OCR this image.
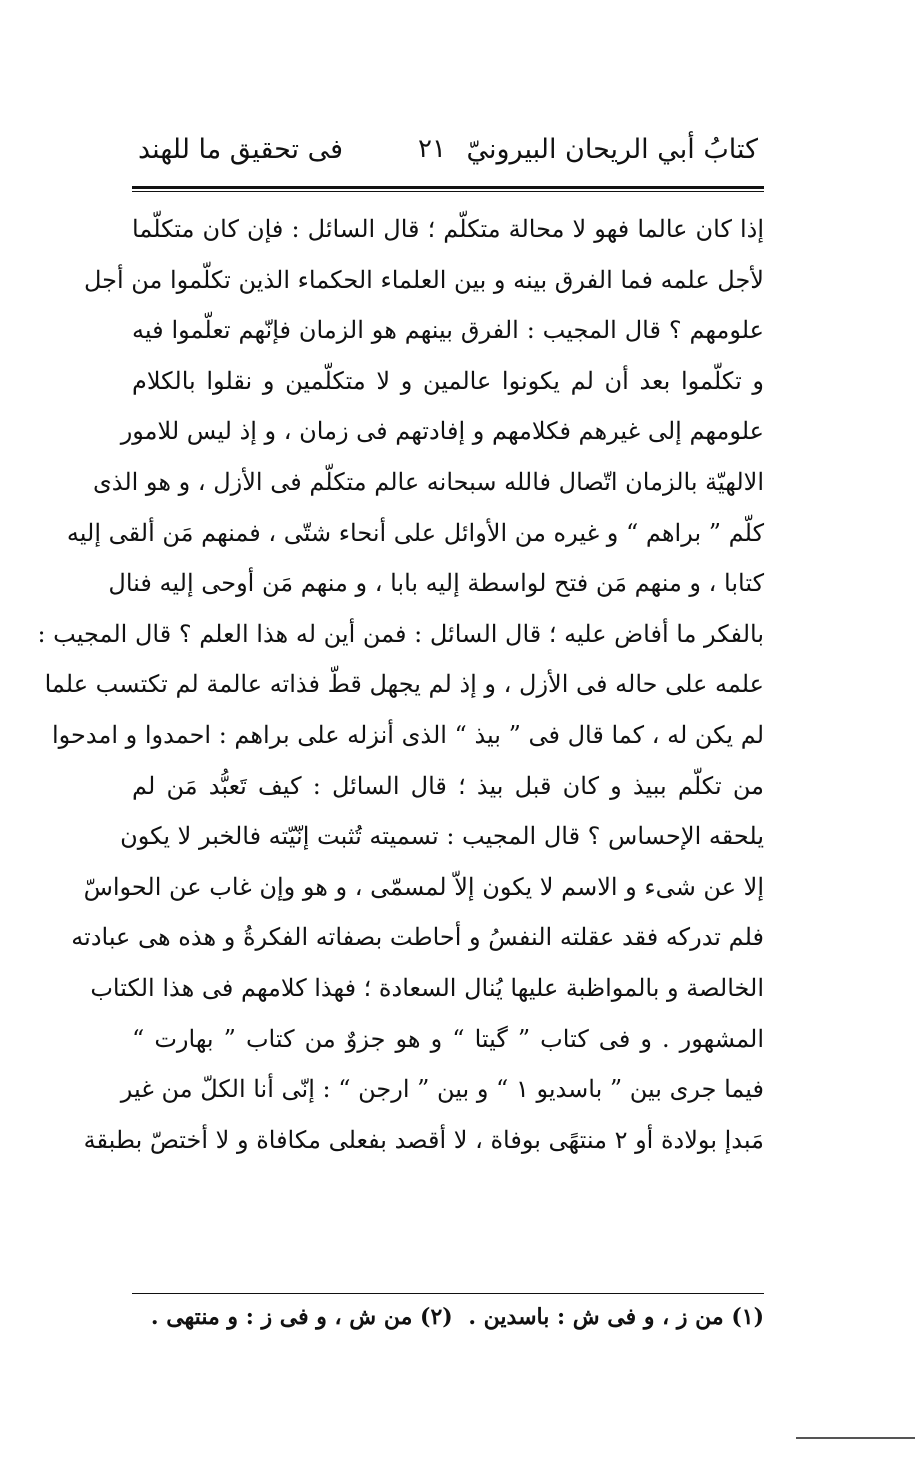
كتابُ أبي الريحان البيرونيّ
٢١
فى تحقيق ما للهند
إذا كان عالما فهو لا محالة متكلّم ؛ قال السائل : فإن كان متكلّما
لأجل علمه فما الفرق بينه و بين العلماء الحكماء الذين تكلّموا من أجل
علومهم ؟ قال المجيب : الفرق بينهم هو الزمان فإنّهم تعلّموا فيه
و تكلّموا بعد أن لم يكونوا عالمين و لا متكلّمين و نقلوا بالكلام
علومهم إلى غيرهم فكلامهم و إفادتهم فى زمان ، و إذ ليس للامور
الالهيّة بالزمان اتّصال فالله سبحانه عالم متكلّم فى الأزل ، و هو الذى
كلّم ” براهم “ و غيره من الأوائل على أنحاء شتّى ، فمنهم مَن ألقى إليه
كتابا ، و منهم مَن فتح لواسطة إليه بابا ، و منهم مَن أوحى إليه فنال
بالفكر ما أفاض عليه ؛ قال السائل : فمن أين له هذا العلم ؟ قال المجيب :
علمه على حاله فى الأزل ، و إذ لم يجهل قطّ فذاته عالمة لم تكتسب علما
لم يكن له ، كما قال فى ” بيذ “ الذى أنزله على براهم : احمدوا و امدحوا
من تكلّم ببيذ و كان قبل بيذ ؛ قال السائل : كيف تَعبُّد مَن لم
يلحقه الإحساس ؟ قال المجيب : تسميته تُثبت إنّيّته فالخبر لا يكون
إلا عن شىء و الاسم لا يكون إلاّ لمسمّى ، و هو وإن غاب عن الحواسّ
فلم تدركه فقد عقلته النفسُ و أحاطت بصفاته الفكرةُ و هذه هى عبادته
الخالصة و بالمواظبة عليها يُنال السعادة ؛ فهذا كلامهم فى هذا الكتاب
المشهور . و فى كتاب ” گيتا “ و هو جزوٌ من كتاب ” بهارت “
فيما جرى بين ” باسديو ١ “ و بين ” ارجن “ : إنّى أنا الكلّ من غير
مَبدإ بولادة أو ٢ منتهًى بوفاة ، لا أقصد بفعلى مكافاة و لا أختصّ بطبقة
(١) من ز ، و فى ش : باسدين . (٢) من ش ، و فى ز : و منتهى .
